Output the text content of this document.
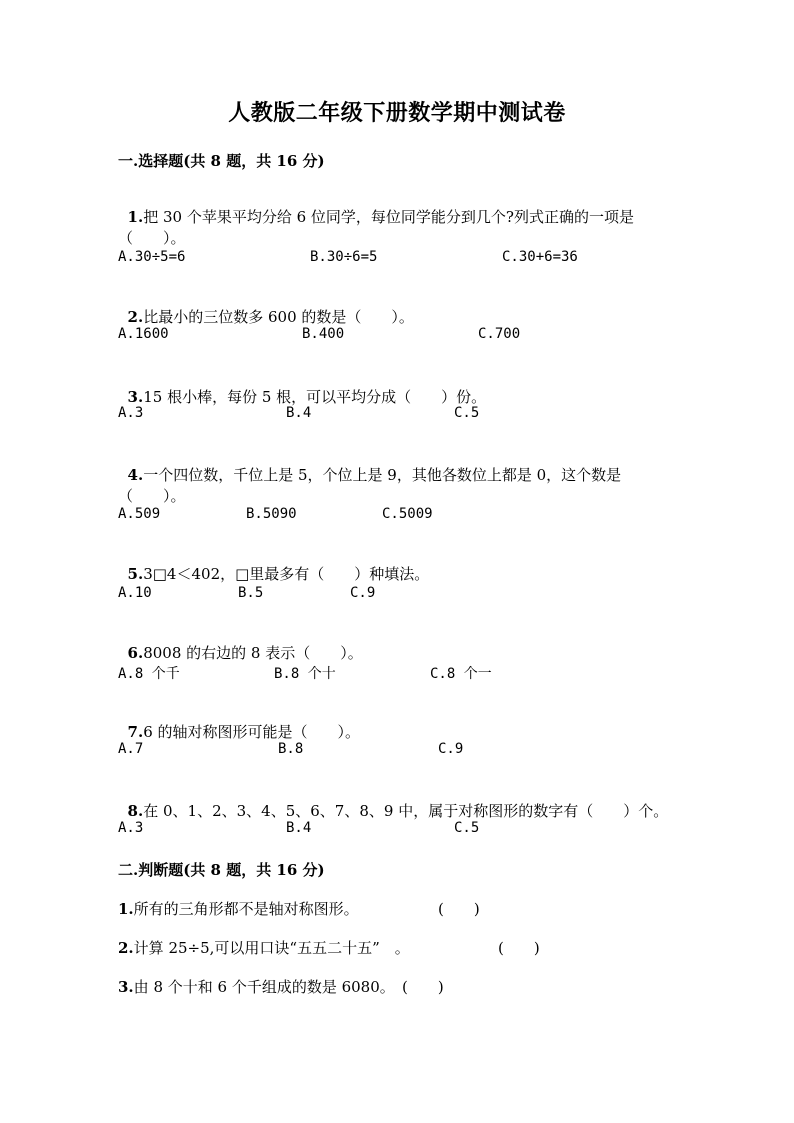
人教版二年级下册数学期中测试卷
一.选择题(共 8 题，共 16 分)

1.把 30 个苹果平均分给 6 位同学，每位同学能分到几个?列式正确的一项是（　　）。

A.30÷5=6	B.30÷6=5	C.30+6=36

2.比最小的三位数多 600 的数是（　　）。

A.1600	B.400	C.700

3.15 根小棒，每份 5 根，可以平均分成（　　）份。

A.3	B.4	C.5

4.一个四位数，千位上是 5，个位上是 9，其他各数位上都是 0，这个数是（　　）。

A.509	B.5090	C.5009

5.3□4＜402，□里最多有（　　）种填法。

A.10	B.5	C.9

6.8008 的右边的 8 表示（　　）。

A.8 个千	B.8 个十	C.8 个一

7.6 的轴对称图形可能是（　　）。

A.7	B.8	C.9

8.在 0、1、2、3、4、5、6、7、8、9 中，属于对称图形的数字有（　　）个。

A.3	B.4	C.5
二.判断题(共 8 题，共 16 分)
1.所有的三角形都不是轴对称图形。	(　　)
2.计算 25÷5,可以用口诀“五五二十五”　。	(　　)
3.由 8 个十和 6 个千组成的数是 6080。 (　　)
